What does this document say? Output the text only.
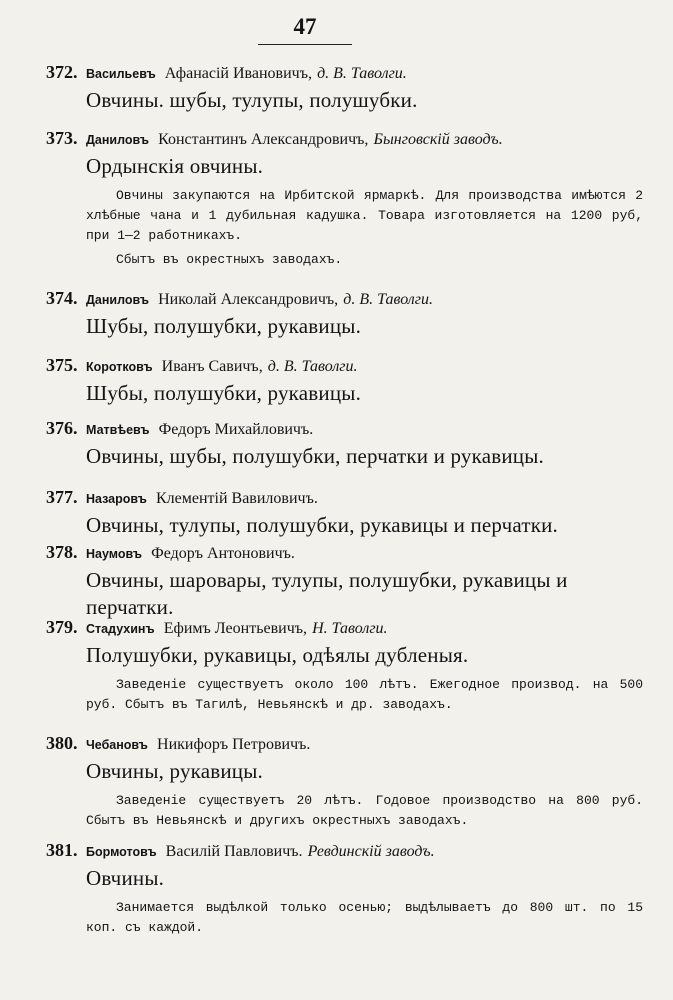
47
372. Васильевъ Афанасій Ивановичъ, д. В. Таволги.
Овчины. шубы, тулупы, полушубки.
373. Даниловъ Константинъ Александровичъ, Бынговскій заводъ.
Ордынскія овчины.
Овчины закупаются на Ирбитской ярмаркѣ. Для производства имѣются 2 хлѣбные чана и 1 дубильная кадушка. Товара изготовляется на 1200 руб, при 1—2 работникахъ.
Сбытъ въ окрестныхъ заводахъ.
374. Даниловъ Николай Александровичъ, д. В. Таволги.
Шубы, полушубки, рукавицы.
375. Коротковъ Иванъ Савичъ, д. В. Таволги.
Шубы, полушубки, рукавицы.
376. Матвѣевъ Федоръ Михайловичъ.
Овчины, шубы, полушубки, перчатки и рукавицы.
377. Назаровъ Клементій Вавиловичъ.
Овчины, тулупы, полушубки, рукавицы и перчатки.
378. Наумовъ Федоръ Антоновичъ.
Овчины, шаровары, тулупы, полушубки, рукавицы и перчатки.
379. Стадухинъ Ефимъ Леонтьевичъ, Н. Таволги.
Полушубки, рукавицы, одѣялы дубленыя.
Заведеніе существуетъ около 100 лѣтъ. Ежегодное производ. на 500 руб. Сбытъ въ Тагилѣ, Невьянскѣ и др. заводахъ.
380. Чебановъ Никифоръ Петровичъ.
Овчины, рукавицы.
Заведеніе существуетъ 20 лѣтъ. Годовое производство на 800 руб. Сбытъ въ Невьянскѣ и другихъ окрестныхъ заводахъ.
381. Бормотовъ Василій Павловичъ. Ревдинскій заводъ.
Овчины.
Занимается выдѣлкой только осенью; выдѣлываетъ до 800 шт. по 15 коп. съ каждой.
